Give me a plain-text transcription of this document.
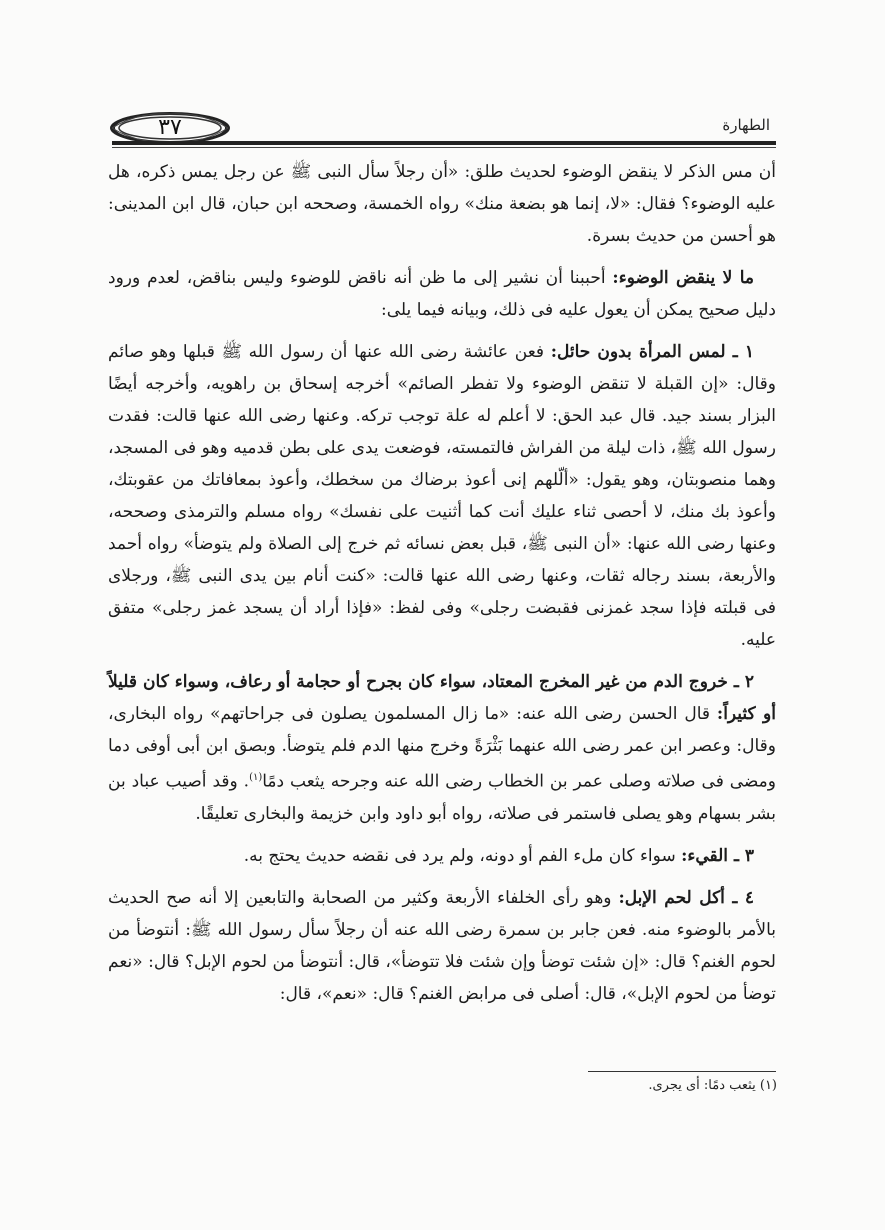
٣٧	الطهارة

أن مس الذكر لا ينقض الوضوء لحديث طلق: «أن رجلاً سأل النبى ﷺ عن رجل يمس ذكره، هل عليه الوضوء؟ فقال: «لا، إنما هو بضعة منك» رواه الخمسة، وصححه ابن حبان، قال ابن المدينى: هو أحسن من حديث بسرة.

ما لا ينقض الوضوء: أحببنا أن نشير إلى ما ظن أنه ناقض للوضوء وليس بناقض، لعدم ورود دليل صحيح يمكن أن يعول عليه فى ذلك، وبيانه فيما يلى:

١ ـ لمس المرأة بدون حائل: فعن عائشة رضى الله عنها أن رسول الله ﷺ قبلها وهو صائم وقال: «إن القبلة لا تنقض الوضوء ولا تفطر الصائم» أخرجه إسحاق بن راهويه، وأخرجه أيضًا البزار بسند جيد. قال عبد الحق: لا أعلم له علة توجب تركه. وعنها رضى الله عنها قالت: فقدت رسول الله ﷺ، ذات ليلة من الفراش فالتمسته، فوضعت يدى على بطن قدميه وهو فى المسجد، وهما منصوبتان، وهو يقول: «ألّلهم إنى أعوذ برضاك من سخطك، وأعوذ بمعافاتك من عقوبتك، وأعوذ بك منك، لا أحصى ثناء عليك أنت كما أثنيت على نفسك» رواه مسلم والترمذى وصححه، وعنها رضى الله عنها: «أن النبى ﷺ، قبل بعض نسائه ثم خرج إلى الصلاة ولم يتوضأ» رواه أحمد والأربعة، بسند رجاله ثقات، وعنها رضى الله عنها قالت: «كنت أنام بين يدى النبى ﷺ، ورجلاى فى قبلته فإذا سجد غمزنى فقبضت رجلى» وفى لفظ: «فإذا أراد أن يسجد غمز رجلى» متفق عليه.

٢ ـ خروج الدم من غير المخرج المعتاد، سواء كان بجرح أو حجامة أو رعاف، وسواء كان قليلاً أو كثيراً: قال الحسن رضى الله عنه: «ما زال المسلمون يصلون فى جراحاتهم» رواه البخارى، وقال: وعصر ابن عمر رضى الله عنهما بَثْرَةً وخرج منها الدم فلم يتوضأ. وبصق ابن أبى أوفى دما ومضى فى صلاته وصلى عمر بن الخطاب رضى الله عنه وجرحه يثعب دمًا$^{(١)}$. وقد أصيب عباد بن بشر بسهام وهو يصلى فاستمر فى صلاته، رواه أبو داود وابن خزيمة والبخارى تعليقًا.

٣ ـ القيء: سواء كان ملء الفم أو دونه، ولم يرد فى نقضه حديث يحتج به.

٤ ـ أكل لحم الإبل: وهو رأى الخلفاء الأربعة وكثير من الصحابة والتابعين إلا أنه صح الحديث بالأمر بالوضوء منه. فعن جابر بن سمرة رضى الله عنه أن رجلاً سأل رسول الله ﷺ: أنتوضأ من لحوم الغنم؟ قال: «إن شئت توضأ وإن شئت فلا تتوضأ»، قال: أنتوضأ من لحوم الإبل؟ قال: «نعم توضأ من لحوم الإبل»، قال: أصلى فى مرابض الغنم؟ قال: «نعم»، قال:

(١) يثعب دمًا: أى يجرى.
